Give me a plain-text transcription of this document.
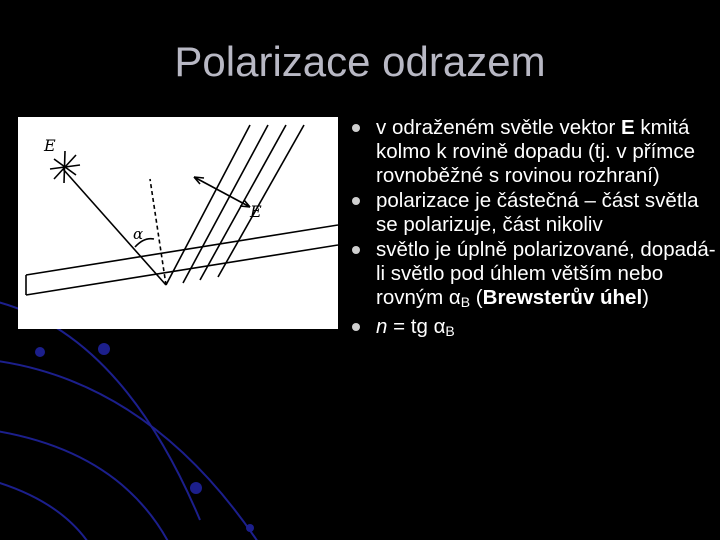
Polarizace odrazem
E
E
α
v odraženém světle vektor E kmitá kolmo k rovině dopadu (tj. v přímce rovnoběžné s rovinou rozhraní)
polarizace je částečná – část světla se polarizuje, část nikoliv
světlo je úplně polarizované, dopadá-li světlo pod úhlem větším nebo rovným $\alpha_B$ (Brewsterův úhel)
n = tg $\alpha_B$
